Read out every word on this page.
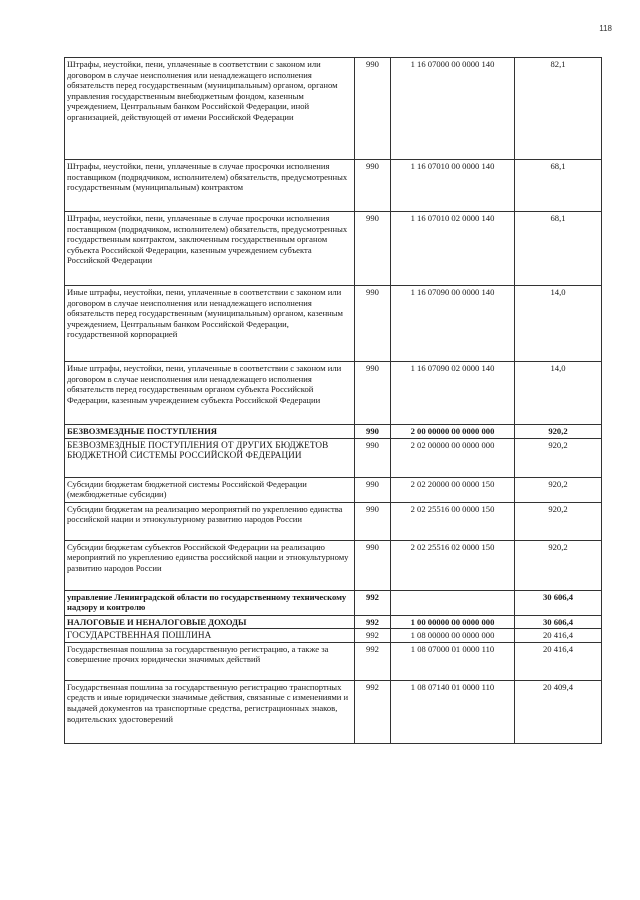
118
Штрафы, неустойки, пени, уплаченные в соответствии с законом или договором в случае неисполнения или ненадлежащего исполнения обязательств перед государственным (муниципальным) органом, органом управления государственным внебюджетным фондом, казенным учреждением, Центральным банком Российской Федерации, иной организацией, действующей от имени Российской Федерации	990	1 16 07000 00 0000 140	82,1
Штрафы, неустойки, пени, уплаченные в случае просрочки исполнения поставщиком (подрядчиком, исполнителем) обязательств, предусмотренных государственным (муниципальным) контрактом	990	1 16 07010 00 0000 140	68,1
Штрафы, неустойки, пени, уплаченные в случае просрочки исполнения поставщиком (подрядчиком, исполнителем) обязательств, предусмотренных государственным контрактом, заключенным государственным органом субъекта Российской Федерации, казенным учреждением субъекта Российской Федерации	990	1 16 07010 02 0000 140	68,1
Иные штрафы, неустойки, пени, уплаченные в соответствии с законом или договором в случае неисполнения или ненадлежащего исполнения обязательств перед государственным (муниципальным) органом, казенным учреждением, Центральным банком Российской Федерации, государственной корпорацией	990	1 16 07090 00 0000 140	14,0
Иные штрафы, неустойки, пени, уплаченные в соответствии с законом или договором в случае неисполнения или ненадлежащего исполнения обязательств перед государственным органом субъекта Российской Федерации, казенным учреждением субъекта Российской Федерации	990	1 16 07090 02 0000 140	14,0
БЕЗВОЗМЕЗДНЫЕ ПОСТУПЛЕНИЯ	990	2 00 00000 00 0000 000	920,2
БЕЗВОЗМЕЗДНЫЕ ПОСТУПЛЕНИЯ ОТ ДРУГИХ БЮДЖЕТОВ БЮДЖЕТНОЙ СИСТЕМЫ РОССИЙСКОЙ ФЕДЕРАЦИИ	990	2 02 00000 00 0000 000	920,2
Субсидии бюджетам бюджетной системы Российской Федерации (межбюджетные субсидии)	990	2 02 20000 00 0000 150	920,2
Субсидии бюджетам на реализацию мероприятий по укреплению единства российской нации и этнокультурному развитию народов России	990	2 02 25516 00 0000 150	920,2
Субсидии бюджетам субъектов Российской Федерации на реализацию мероприятий по укреплению единства российской нации и этнокультурному развитию народов России	990	2 02 25516 02 0000 150	920,2
управление Ленинградской области по государственному техническому надзору и контролю	992		30 606,4
НАЛОГОВЫЕ И НЕНАЛОГОВЫЕ ДОХОДЫ	992	1 00 00000 00 0000 000	30 606,4
ГОСУДАРСТВЕННАЯ ПОШЛИНА	992	1 08 00000 00 0000 000	20 416,4
Государственная пошлина за государственную регистрацию, а также за совершение прочих юридически значимых действий	992	1 08 07000 01 0000 110	20 416,4
Государственная пошлина за государственную регистрацию транспортных средств и иные юридически значимые действия, связанные с изменениями и выдачей документов на транспортные средства, регистрационных знаков, водительских удостоверений	992	1 08 07140 01 0000 110	20 409,4
